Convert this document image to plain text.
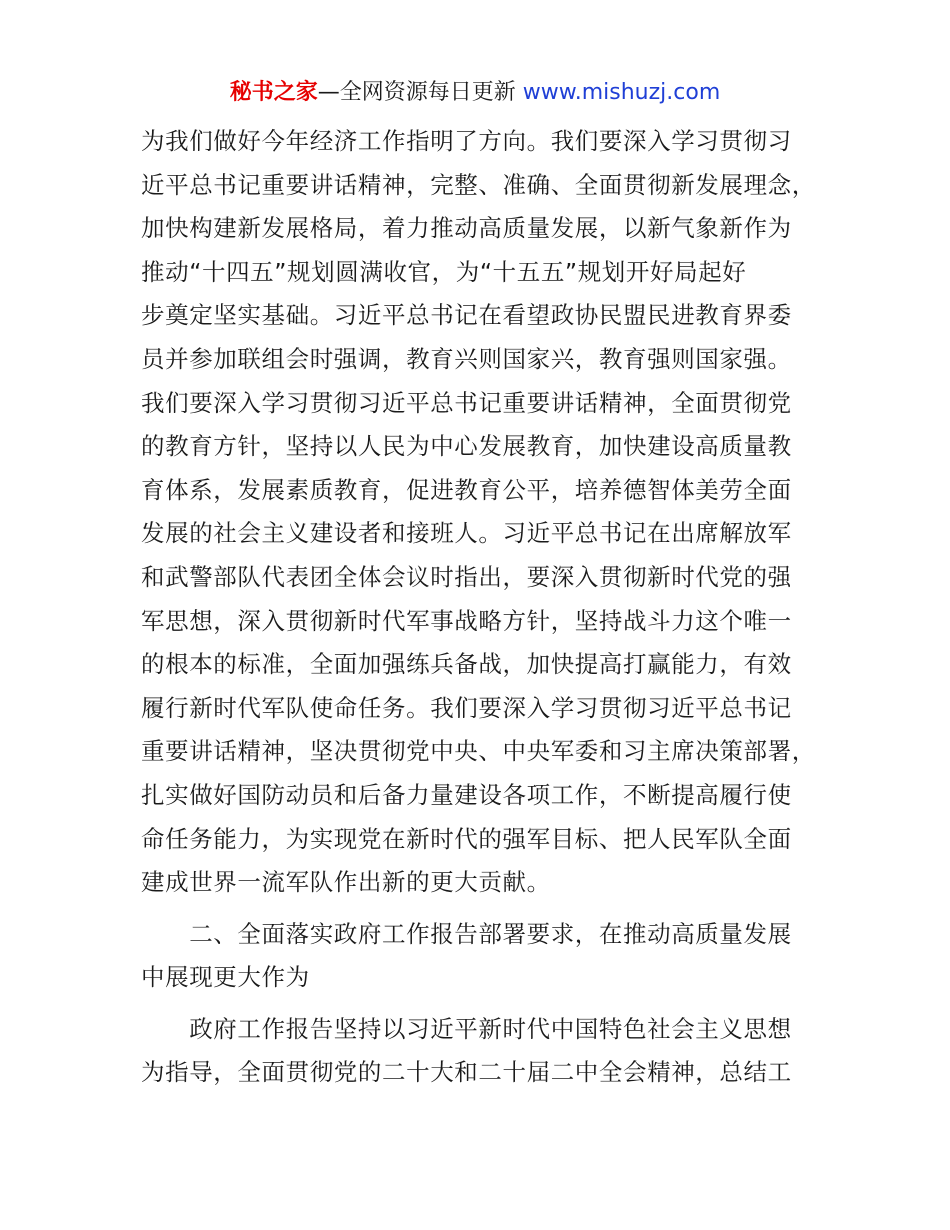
秘书之家—全网资源每日更新 www.mishuzj.com
为我们做好今年经济工作指明了方向。我们要深入学习贯彻习
近平总书记重要讲话精神，完整、准确、全面贯彻新发展理念，
加快构建新发展格局，着力推动高质量发展，以新气象新作为
推动“十四五”规划圆满收官，为“十五五”规划开好局起好
步奠定坚实基础。习近平总书记在看望政协民盟民进教育界委
员并参加联组会时强调，教育兴则国家兴，教育强则国家强。
我们要深入学习贯彻习近平总书记重要讲话精神，全面贯彻党
的教育方针，坚持以人民为中心发展教育，加快建设高质量教
育体系，发展素质教育，促进教育公平，培养德智体美劳全面
发展的社会主义建设者和接班人。习近平总书记在出席解放军
和武警部队代表团全体会议时指出，要深入贯彻新时代党的强
军思想，深入贯彻新时代军事战略方针，坚持战斗力这个唯一
的根本的标准，全面加强练兵备战，加快提高打赢能力，有效
履行新时代军队使命任务。我们要深入学习贯彻习近平总书记
重要讲话精神，坚决贯彻党中央、中央军委和习主席决策部署，
扎实做好国防动员和后备力量建设各项工作，不断提高履行使
命任务能力，为实现党在新时代的强军目标、把人民军队全面
建成世界一流军队作出新的更大贡献。
　　二、全面落实政府工作报告部署要求，在推动高质量发展
中展现更大作为
　　政府工作报告坚持以习近平新时代中国特色社会主义思想
为指导，全面贯彻党的二十大和二十届二中全会精神，总结工
